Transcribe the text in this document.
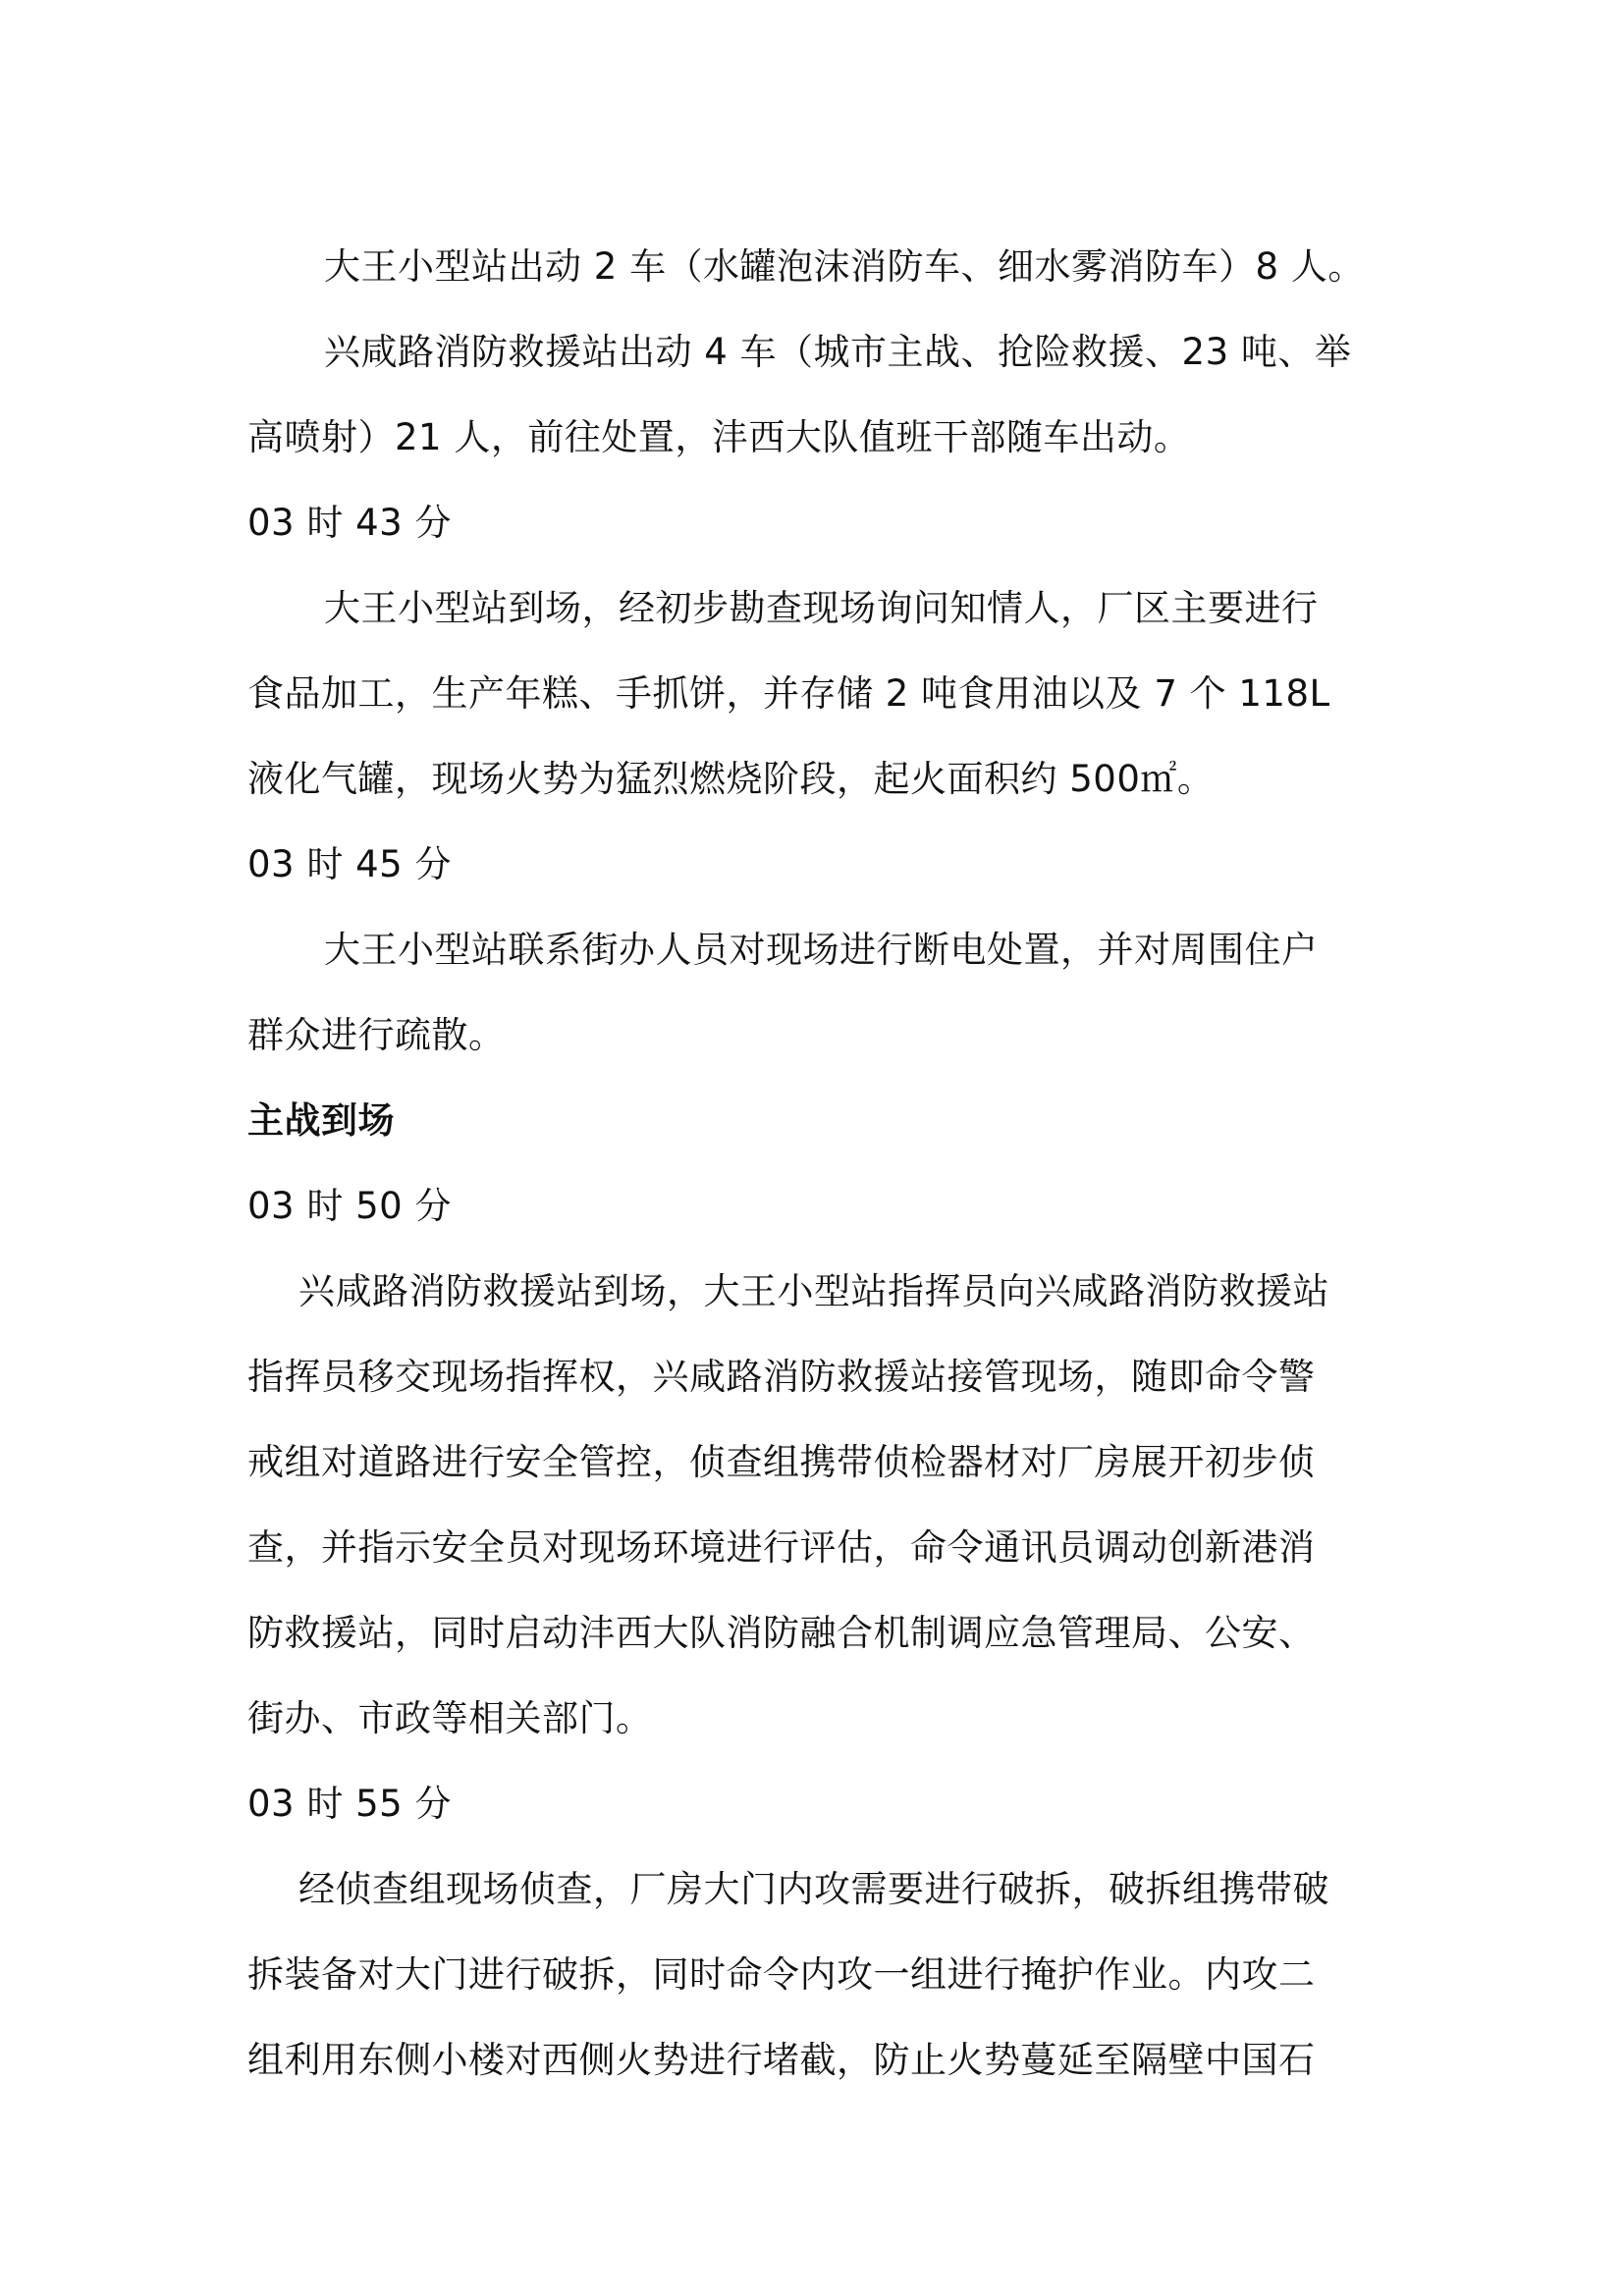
大王小型站出动 2 车（水罐泡沫消防车、细水雾消防车）8 人。
兴咸路消防救援站出动 4 车（城市主战、抢险救援、23 吨、举
高喷射）21 人，前往处置，沣西大队值班干部随车出动。
03 时 43 分
大王小型站到场，经初步勘查现场询问知情人，厂区主要进行
食品加工，生产年糕、手抓饼，并存储 2 吨食用油以及 7 个 118L
液化气罐，现场火势为猛烈燃烧阶段，起火面积约 500㎡。
03 时 45 分
大王小型站联系街办人员对现场进行断电处置，并对周围住户
群众进行疏散。
主战到场
03 时 50 分
兴咸路消防救援站到场，大王小型站指挥员向兴咸路消防救援站
指挥员移交现场指挥权，兴咸路消防救援站接管现场，随即命令警
戒组对道路进行安全管控，侦查组携带侦检器材对厂房展开初步侦
查，并指示安全员对现场环境进行评估，命令通讯员调动创新港消
防救援站，同时启动沣西大队消防融合机制调应急管理局、公安、
街办、市政等相关部门。
03 时 55 分
经侦查组现场侦查，厂房大门内攻需要进行破拆，破拆组携带破
拆装备对大门进行破拆，同时命令内攻一组进行掩护作业。内攻二
组利用东侧小楼对西侧火势进行堵截，防止火势蔓延至隔壁中国石
